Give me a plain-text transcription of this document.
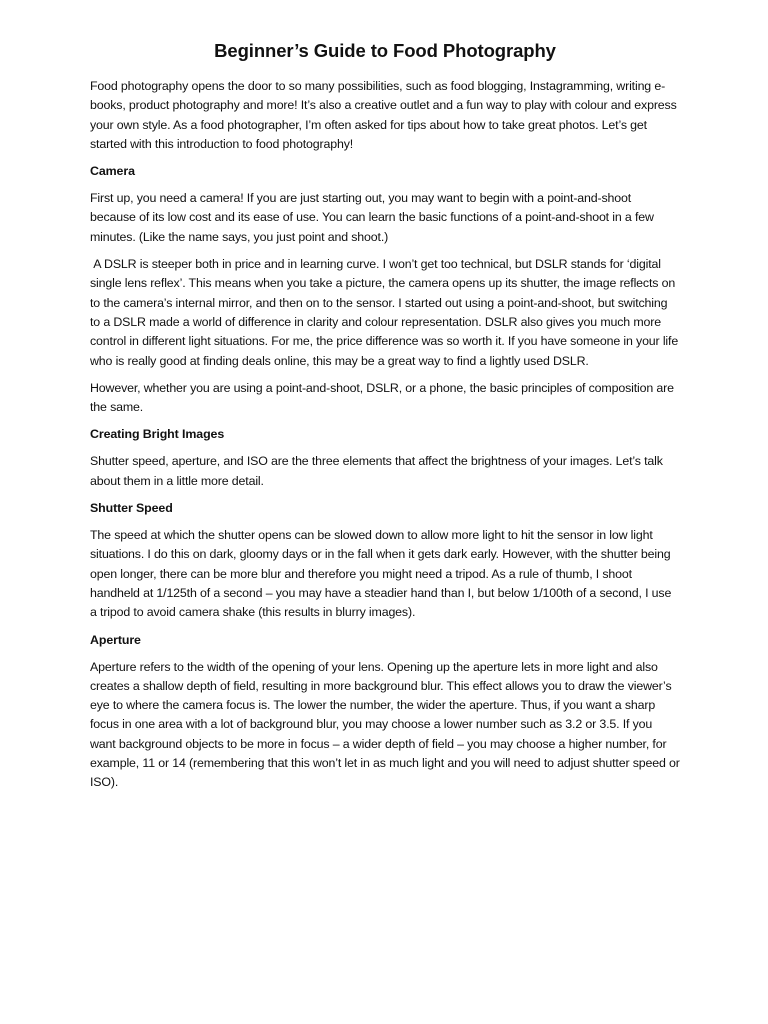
Beginner’s Guide to Food Photography

Food photography opens the door to so many possibilities, such as food blogging, Instagramming, writing e-books, product photography and more! It’s also a creative outlet and a fun way to play with colour and express your own style. As a food photographer, I’m often asked for tips about how to take great photos. Let’s get started with this introduction to food photography!

Camera

First up, you need a camera! If you are just starting out, you may want to begin with a point-and-shoot because of its low cost and its ease of use. You can learn the basic functions of a point-and-shoot in a few minutes. (Like the name says, you just point and shoot.)

A DSLR is steeper both in price and in learning curve. I won’t get too technical, but DSLR stands for ‘digital single lens reflex’. This means when you take a picture, the camera opens up its shutter, the image reflects on to the camera’s internal mirror, and then on to the sensor. I started out using a point-and-shoot, but switching to a DSLR made a world of difference in clarity and colour representation. DSLR also gives you much more control in different light situations. For me, the price difference was so worth it. If you have someone in your life who is really good at finding deals online, this may be a great way to find a lightly used DSLR.

However, whether you are using a point-and-shoot, DSLR, or a phone, the basic principles of composition are the same.

Creating Bright Images

Shutter speed, aperture, and ISO are the three elements that affect the brightness of your images. Let’s talk about them in a little more detail.

Shutter Speed

The speed at which the shutter opens can be slowed down to allow more light to hit the sensor in low light situations. I do this on dark, gloomy days or in the fall when it gets dark early. However, with the shutter being open longer, there can be more blur and therefore you might need a tripod. As a rule of thumb, I shoot handheld at 1/125th of a second – you may have a steadier hand than I, but below 1/100th of a second, I use a tripod to avoid camera shake (this results in blurry images).

Aperture

Aperture refers to the width of the opening of your lens. Opening up the aperture lets in more light and also creates a shallow depth of field, resulting in more background blur. This effect allows you to draw the viewer’s eye to where the camera focus is. The lower the number, the wider the aperture. Thus, if you want a sharp focus in one area with a lot of background blur, you may choose a lower number such as 3.2 or 3.5. If you want background objects to be more in focus – a wider depth of field – you may choose a higher number, for example, 11 or 14 (remembering that this won’t let in as much light and you will need to adjust shutter speed or ISO).
